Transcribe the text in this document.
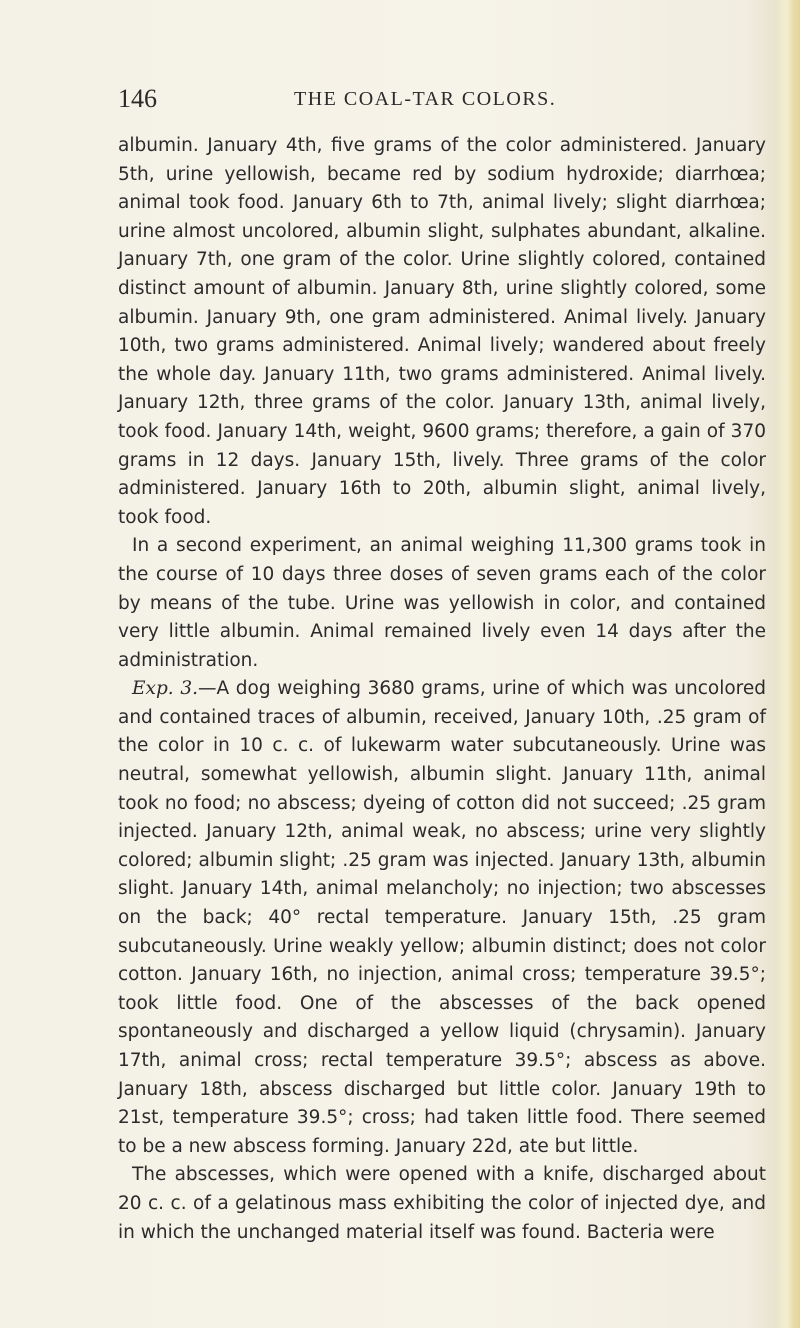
146	THE COAL-TAR COLORS.

albumin. January 4th, five grams of the color administered. January 5th, urine yellowish, became red by sodium hydroxide; diarrhœa; animal took food. January 6th to 7th, animal lively; slight diarrhœa; urine almost uncolored, albumin slight, sulphates abundant, alkaline. January 7th, one gram of the color. Urine slightly colored, contained distinct amount of albumin. January 8th, urine slightly colored, some albumin. January 9th, one gram administered. Animal lively. January 10th, two grams administered. Animal lively; wandered about freely the whole day. January 11th, two grams administered. Animal lively. January 12th, three grams of the color. January 13th, animal lively, took food. January 14th, weight, 9600 grams; therefore, a gain of 370 grams in 12 days. January 15th, lively. Three grams of the color administered. January 16th to 20th, albumin slight, animal lively, took food.

In a second experiment, an animal weighing 11,300 grams took in the course of 10 days three doses of seven grams each of the color by means of the tube. Urine was yellowish in color, and contained very little albumin. Animal remained lively even 14 days after the administration.

Exp. 3.—A dog weighing 3680 grams, urine of which was uncolored and contained traces of albumin, received, January 10th, .25 gram of the color in 10 c. c. of lukewarm water subcutaneously. Urine was neutral, somewhat yellowish, albumin slight. January 11th, animal took no food; no abscess; dyeing of cotton did not succeed; .25 gram injected. January 12th, animal weak, no abscess; urine very slightly colored; albumin slight; .25 gram was injected. January 13th, albumin slight. January 14th, animal melancholy; no injection; two abscesses on the back; 40° rectal temperature. January 15th, .25 gram subcutaneously. Urine weakly yellow; albumin distinct; does not color cotton. January 16th, no injection, animal cross; temperature 39.5°; took little food. One of the abscesses of the back opened spontaneously and discharged a yellow liquid (chrysamin). January 17th, animal cross; rectal temperature 39.5°; abscess as above. January 18th, abscess discharged but little color. January 19th to 21st, temperature 39.5°; cross; had taken little food. There seemed to be a new abscess forming. January 22d, ate but little.

The abscesses, which were opened with a knife, discharged about 20 c. c. of a gelatinous mass exhibiting the color of injected dye, and in which the unchanged material itself was found. Bacteria were
